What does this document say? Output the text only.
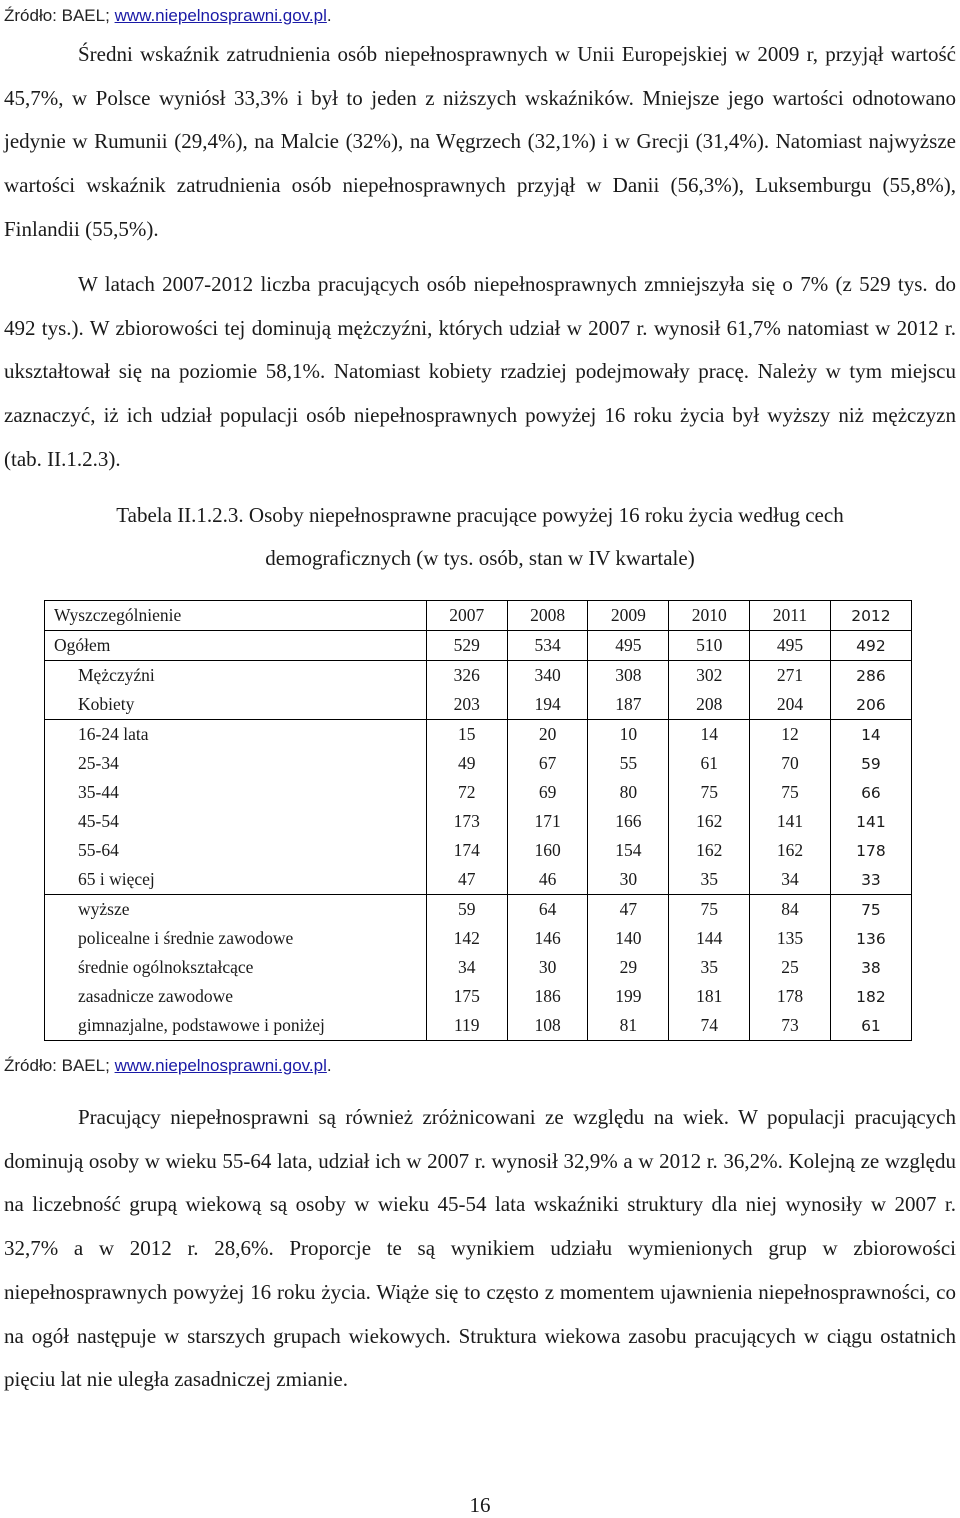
Źródło: BAEL; www.niepelnosprawni.gov.pl.

Średni wskaźnik zatrudnienia osób niepełnosprawnych w Unii Europejskiej w 2009 r, przyjął wartość 45,7%, w Polsce wyniósł 33,3% i był to jeden z niższych wskaźników. Mniejsze jego wartości odnotowano jedynie w Rumunii (29,4%), na Malcie (32%), na Węgrzech (32,1%) i w Grecji (31,4%). Natomiast najwyższe wartości wskaźnik zatrudnienia osób niepełnosprawnych przyjął w Danii (56,3%), Luksemburgu (55,8%), Finlandii (55,5%).

W latach 2007-2012 liczba pracujących osób niepełnosprawnych zmniejszyła się o 7% (z 529 tys. do 492 tys.). W zbiorowości tej dominują mężczyźni, których udział w 2007 r. wynosił 61,7% natomiast w 2012 r. ukształtował się na poziomie 58,1%. Natomiast kobiety rzadziej podejmowały pracę. Należy w tym miejscu zaznaczyć, iż ich udział populacji osób niepełnosprawnych powyżej 16 roku życia był wyższy niż mężczyzn (tab. II.1.2.3).

Tabela II.1.2.3. Osoby niepełnosprawne pracujące powyżej 16 roku życia według cech

demograficznych (w tys. osób, stan w IV kwartale)

Wyszczególnienie	2007	2008	2009	2010	2011	2012
Ogółem	529	534	495	510	495	492
Mężczyźni	326	340	308	302	271	286
Kobiety	203	194	187	208	204	206
16-24 lata	15	20	10	14	12	14
25-34	49	67	55	61	70	59
35-44	72	69	80	75	75	66
45-54	173	171	166	162	141	141
55-64	174	160	154	162	162	178
65 i więcej	47	46	30	35	34	33
wyższe	59	64	47	75	84	75
policealne i średnie zawodowe	142	146	140	144	135	136
średnie ogólnokształcące	34	30	29	35	25	38
zasadnicze zawodowe	175	186	199	181	178	182
gimnazjalne, podstawowe i poniżej	119	108	81	74	73	61
Źródło: BAEL; www.niepelnosprawni.gov.pl.

Pracujący niepełnosprawni są również zróżnicowani ze względu na wiek. W populacji pracujących dominują osoby w wieku 55-64 lata, udział ich w 2007 r. wynosił 32,9% a w 2012 r. 36,2%. Kolejną ze względu na liczebność grupą wiekową są osoby w wieku 45-54 lata wskaźniki struktury dla niej wynosiły w 2007 r. 32,7% a w 2012 r. 28,6%. Proporcje te są wynikiem udziału wymienionych grup w zbiorowości niepełnosprawnych powyżej 16 roku życia. Wiąże się to często z momentem ujawnienia niepełnosprawności, co na ogół następuje w starszych grupach wiekowych. Struktura wiekowa zasobu pracujących w ciągu ostatnich pięciu lat nie uległa zasadniczej zmianie.

16
